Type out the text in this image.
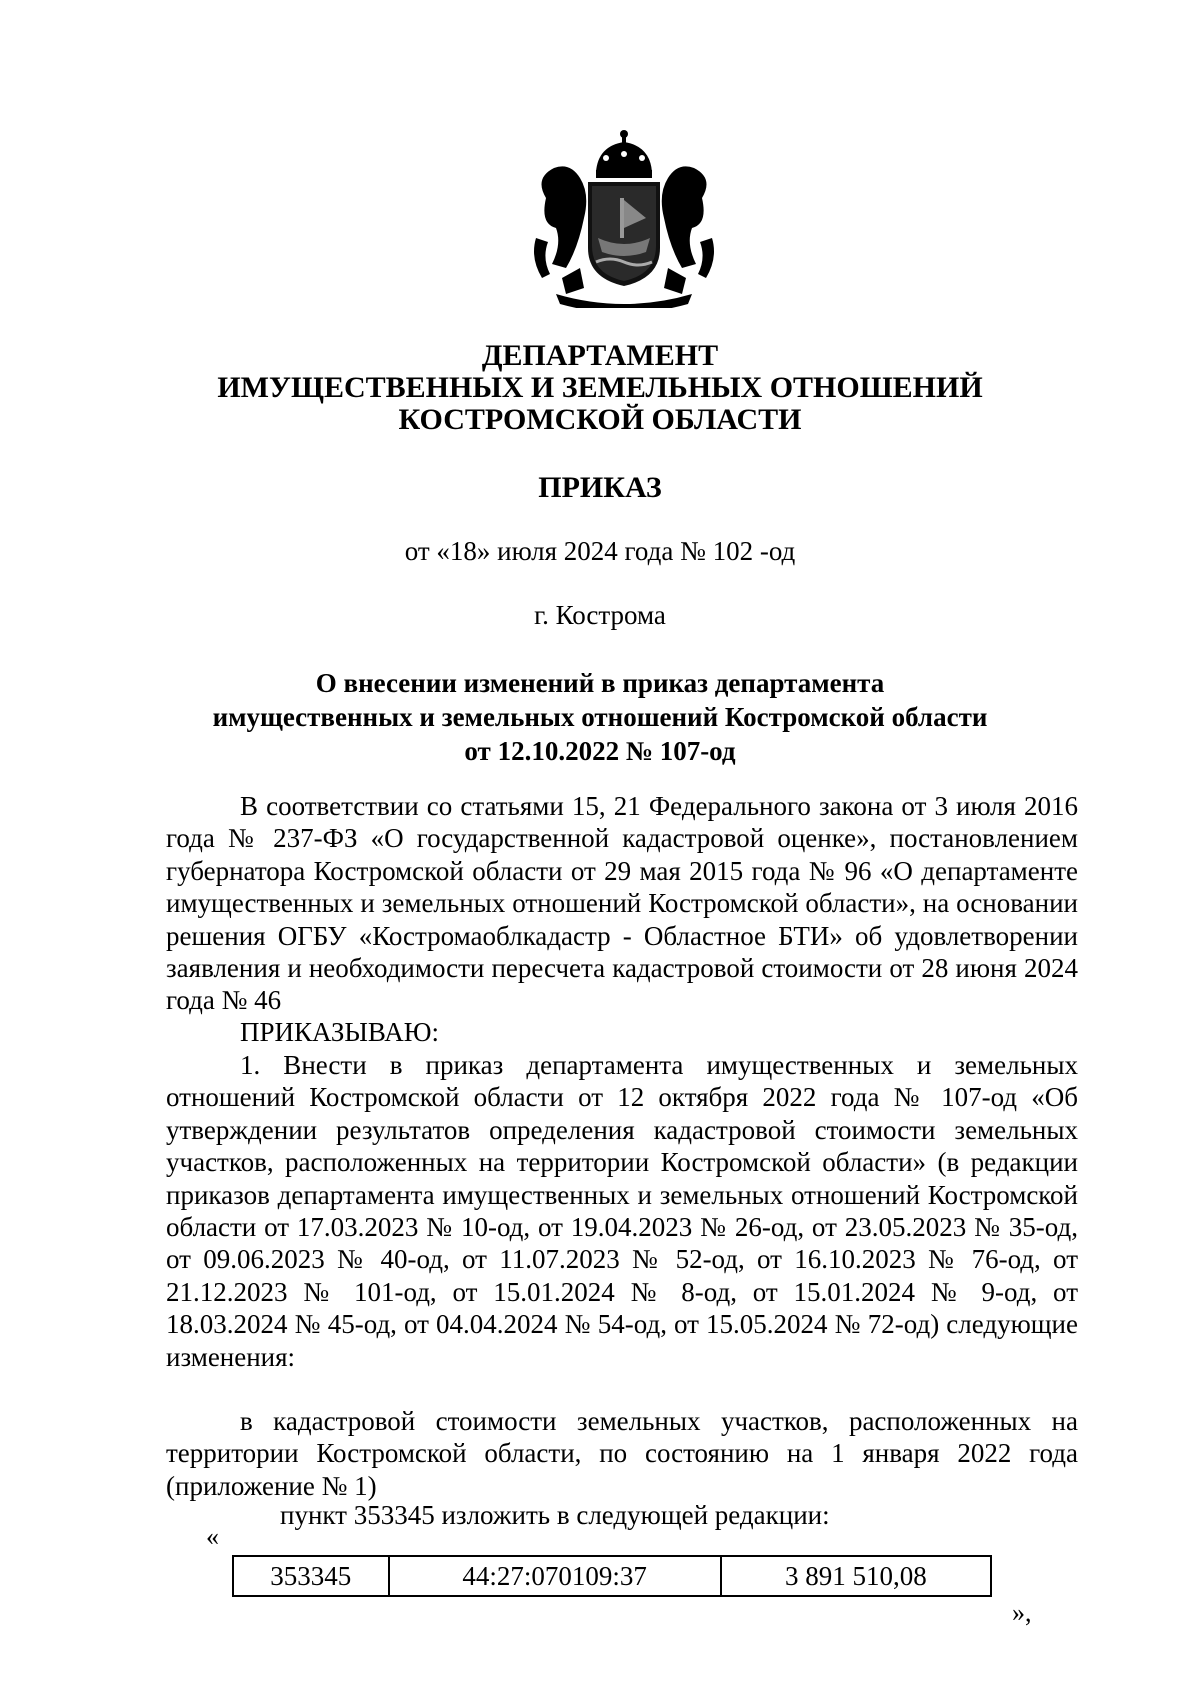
ДЕПАРТАМЕНТ
ИМУЩЕСТВЕННЫХ И ЗЕМЕЛЬНЫХ ОТНОШЕНИЙ
КОСТРОМСКОЙ ОБЛАСТИ
ПРИКАЗ
от «18» июля 2024 года № 102 -од
г. Кострома
О внесении изменений в приказ департамента
имущественных и земельных отношений Костромской области
от 12.10.2022 № 107-од

В соответствии со статьями 15, 21 Федерального закона от 3 июля 2016 года № 237-ФЗ «О государственной кадастровой оценке», постановлением губернатора Костромской области от 29 мая 2015 года № 96 «О департаменте имущественных и земельных отношений Костромской области», на основании решения ОГБУ «Костромаоблкадастр - Областное БТИ» об удовлетворении заявления и необходимости пересчета кадастровой стоимости от 28 июня 2024 года № 46

ПРИКАЗЫВАЮ:

1. Внести в приказ департамента имущественных и земельных отношений Костромской области от 12 октября 2022 года № 107-од «Об утверждении результатов определения кадастровой стоимости земельных участков, расположенных на территории Костромской области» (в редакции приказов департамента имущественных и земельных отношений Костромской области от 17.03.2023 № 10-од, от 19.04.2023 № 26-од, от 23.05.2023 № 35-од, от 09.06.2023 № 40-од, от 11.07.2023 № 52-од, от 16.10.2023 № 76-од, от 21.12.2023 № 101-од, от 15.01.2024 № 8-од, от 15.01.2024 № 9-од, от 18.03.2024 № 45-од, от 04.04.2024 № 54-од, от 15.05.2024 № 72-од) следующие изменения:

в кадастровой стоимости земельных участков, расположенных на территории Костромской области, по состоянию на 1 января 2022 года (приложение № 1)

пункт 353345 изложить в следующей редакции:
«
353345	44:27:070109:37	3 891 510,08
»,
